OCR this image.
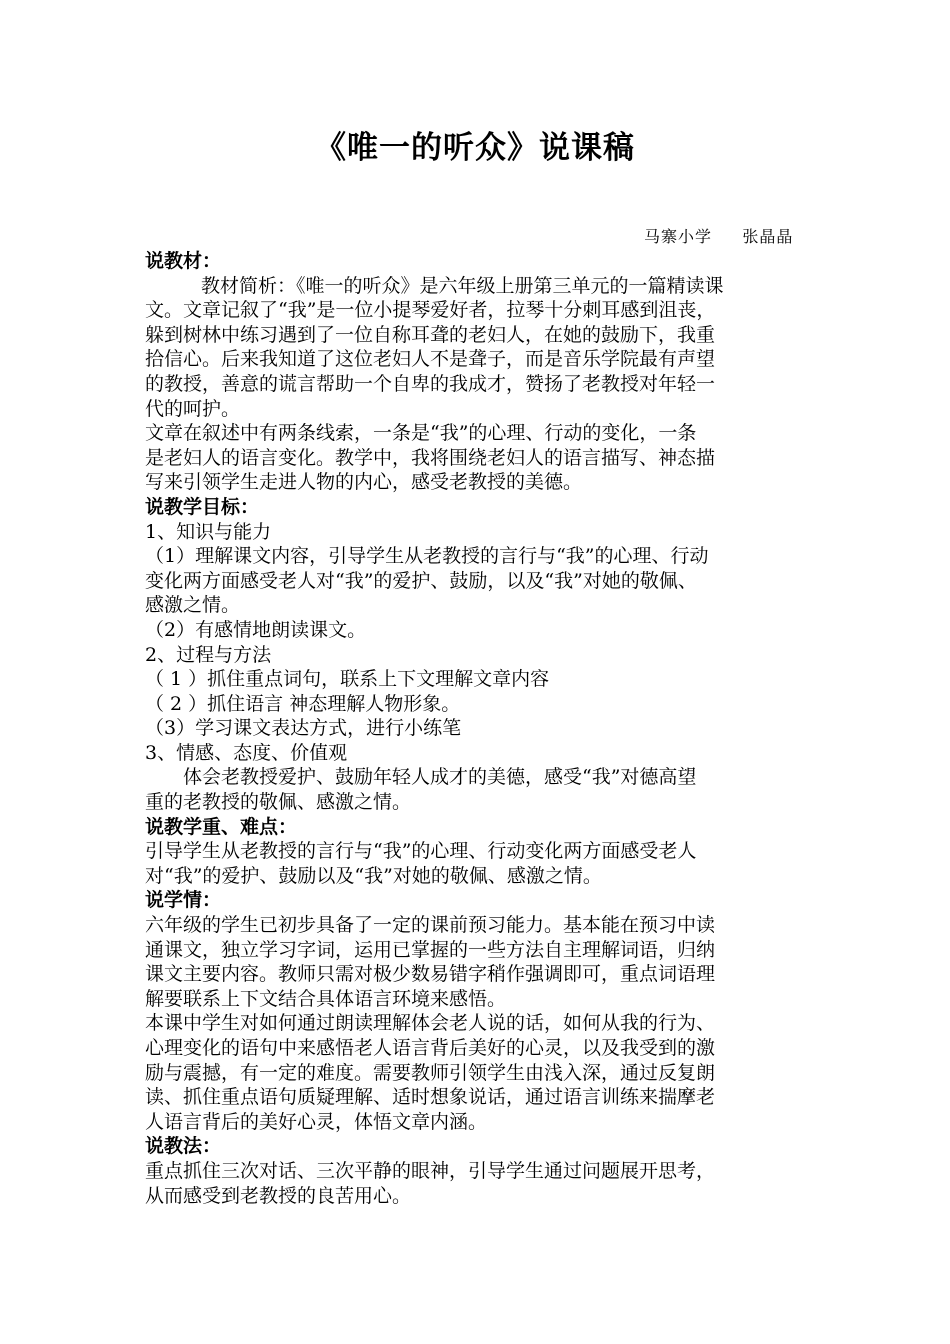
《唯一的听众》说课稿
马寨小学     张晶晶
说教材：
教材简析：《唯一的听众》是六年级上册第三单元的一篇精读课
文。文章记叙了“我”是一位小提琴爱好者，拉琴十分刺耳感到沮丧，
躲到树林中练习遇到了一位自称耳聋的老妇人，在她的鼓励下，我重
拾信心。后来我知道了这位老妇人不是聋子，而是音乐学院最有声望
的教授，善意的谎言帮助一个自卑的我成才，赞扬了老教授对年轻一
代的呵护。
文章在叙述中有两条线索，一条是“我”的心理、行动的变化，一条
是老妇人的语言变化。教学中，我将围绕老妇人的语言描写、神态描
写来引领学生走进人物的内心，感受老教授的美德。
说教学目标：
1、知识与能力
（1）理解课文内容，引导学生从老教授的言行与“我”的心理、行动
变化两方面感受老人对“我”的爱护、鼓励，以及“我”对她的敬佩、
感激之情。
（2）有感情地朗读课文。
2、过程与方法
（ 1 ）抓住重点词句，联系上下文理解文章内容
（ 2 ）抓住语言 神态理解人物形象。
（3）学习课文表达方式，进行小练笔
3、情感、态度、价值观
体会老教授爱护、鼓励年轻人成才的美德，感受“我”对德高望
重的老教授的敬佩、感激之情。
说教学重、难点：
引导学生从老教授的言行与“我”的心理、行动变化两方面感受老人
对“我”的爱护、鼓励以及“我”对她的敬佩、感激之情。
说学情：
六年级的学生已初步具备了一定的课前预习能力。基本能在预习中读
通课文，独立学习字词，运用已掌握的一些方法自主理解词语，归纳
课文主要内容。教师只需对极少数易错字稍作强调即可，重点词语理
解要联系上下文结合具体语言环境来感悟。
本课中学生对如何通过朗读理解体会老人说的话，如何从我的行为、
心理变化的语句中来感悟老人语言背后美好的心灵，以及我受到的激
励与震撼，有一定的难度。需要教师引领学生由浅入深，通过反复朗
读、抓住重点语句质疑理解、适时想象说话，通过语言训练来揣摩老
人语言背后的美好心灵，体悟文章内涵。
说教法：
重点抓住三次对话、三次平静的眼神，引导学生通过问题展开思考，
从而感受到老教授的良苦用心。
